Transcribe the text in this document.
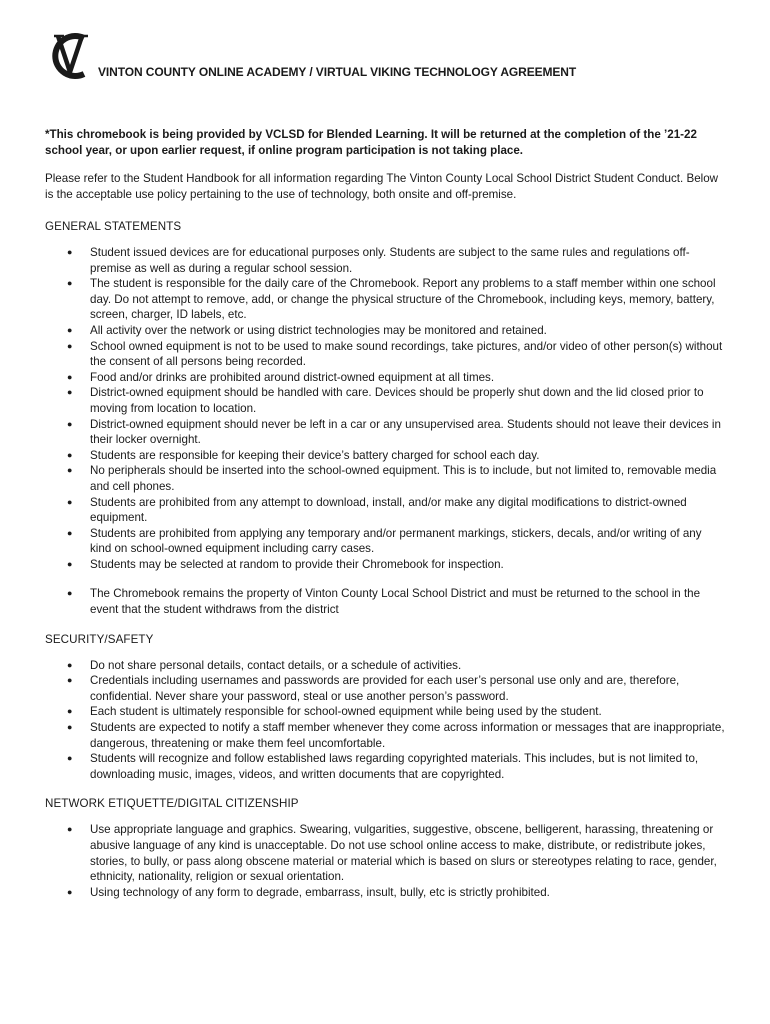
VINTON COUNTY ONLINE ACADEMY / VIRTUAL VIKING TECHNOLOGY AGREEMENT

*This chromebook is being provided by VCLSD for Blended Learning. It will be returned at the completion of the ’21-22 school year, or upon earlier request, if online program participation is not taking place.

Please refer to the Student Handbook for all information regarding The Vinton County Local School District Student Conduct. Below is the acceptable use policy pertaining to the use of technology, both onsite and off-premise.

GENERAL STATEMENTS
● Student issued devices are for educational purposes only. Students are subject to the same rules and regulations off-premise as well as during a regular school session.
● The student is responsible for the daily care of the Chromebook. Report any problems to a staff member within one school day. Do not attempt to remove, add, or change the physical structure of the Chromebook, including keys, memory, battery, screen, charger, ID labels, etc.
● All activity over the network or using district technologies may be monitored and retained.
● School owned equipment is not to be used to make sound recordings, take pictures, and/or video of other person(s) without the consent of all persons being recorded.
● Food and/or drinks are prohibited around district-owned equipment at all times.
● District-owned equipment should be handled with care. Devices should be properly shut down and the lid closed prior to moving from location to location.
● District-owned equipment should never be left in a car or any unsupervised area. Students should not leave their devices in their locker overnight.
● Students are responsible for keeping their device’s battery charged for school each day.
● No peripherals should be inserted into the school-owned equipment. This is to include, but not limited to, removable media and cell phones.
● Students are prohibited from any attempt to download, install, and/or make any digital modifications to district-owned equipment.
● Students are prohibited from applying any temporary and/or permanent markings, stickers, decals, and/or writing of any kind on school-owned equipment including carry cases.
● Students may be selected at random to provide their Chromebook for inspection.
● The Chromebook remains the property of Vinton County Local School District and must be returned to the school in the event that the student withdraws from the district
SECURITY/SAFETY
● Do not share personal details, contact details, or a schedule of activities.
● Credentials including usernames and passwords are provided for each user’s personal use only and are, therefore, confidential. Never share your password, steal or use another person’s password.
● Each student is ultimately responsible for school-owned equipment while being used by the student.
● Students are expected to notify a staff member whenever they come across information or messages that are inappropriate, dangerous, threatening or make them feel uncomfortable.
● Students will recognize and follow established laws regarding copyrighted materials. This includes, but is not limited to, downloading music, images, videos, and written documents that are copyrighted.
NETWORK ETIQUETTE/DIGITAL CITIZENSHIP
● Use appropriate language and graphics. Swearing, vulgarities, suggestive, obscene, belligerent, harassing, threatening or abusive language of any kind is unacceptable. Do not use school online access to make, distribute, or redistribute jokes, stories, to bully, or pass along obscene material or material which is based on slurs or stereotypes relating to race, gender, ethnicity, nationality, religion or sexual orientation.
● Using technology of any form to degrade, embarrass, insult, bully, etc is strictly prohibited.
